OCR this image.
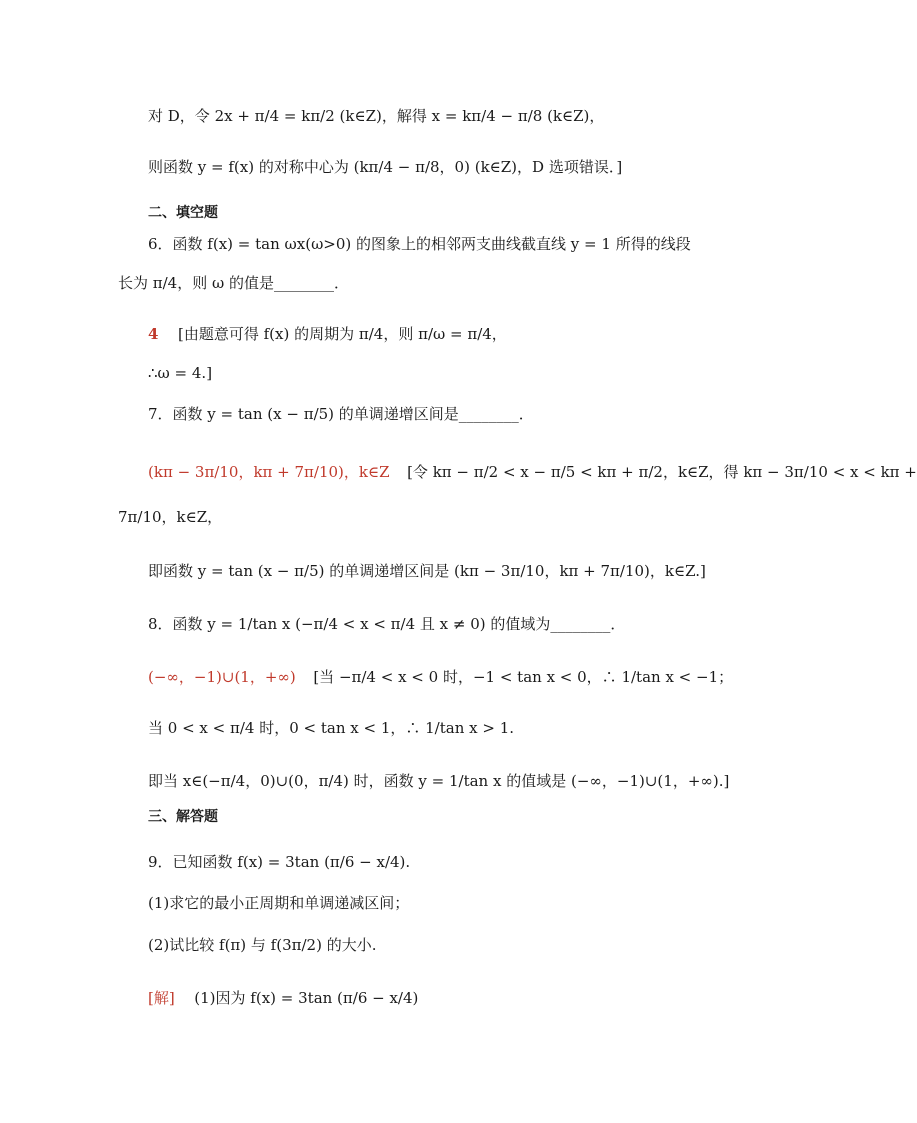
对 D，令 2x + π/4 = kπ/2 (k∈Z)，解得 x = kπ/4 − π/8 (k∈Z)，
则函数 y = f(x) 的对称中心为 (kπ/4 − π/8，0) (k∈Z)，D 选项错误．]
二、填空题
6．函数 f(x) = tan ωx(ω>0) 的图象上的相邻两支曲线截直线 y = 1 所得的线段
长为 π/4，则 ω 的值是________．
4 [由题意可得 f(x) 的周期为 π/4，则 π/ω = π/4，
∴ω = 4.]
7．函数 y = tan (x − π/5) 的单调递增区间是________．
(kπ − 3π/10，kπ + 7π/10)，k∈Z [令 kπ − π/2 < x − π/5 < kπ + π/2，k∈Z，得 kπ − 3π/10 < x < kπ +
7π/10，k∈Z，
即函数 y = tan (x − π/5) 的单调递增区间是 (kπ − 3π/10，kπ + 7π/10)，k∈Z.]
8．函数 y = 1/tan x (−π/4 < x < π/4 且 x ≠ 0) 的值域为________．
(−∞，−1)∪(1，+∞) [当 −π/4 < x < 0 时，−1 < tan x < 0，∴ 1/tan x < −1；
当 0 < x < π/4 时，0 < tan x < 1，∴ 1/tan x > 1.
即当 x∈(−π/4，0)∪(0，π/4) 时，函数 y = 1/tan x 的值域是 (−∞，−1)∪(1，+∞).]
三、解答题
9．已知函数 f(x) = 3tan (π/6 − x/4).
(1)求它的最小正周期和单调递减区间；
(2)试比较 f(π) 与 f(3π/2) 的大小.
[解] (1)因为 f(x) = 3tan (π/6 − x/4)
